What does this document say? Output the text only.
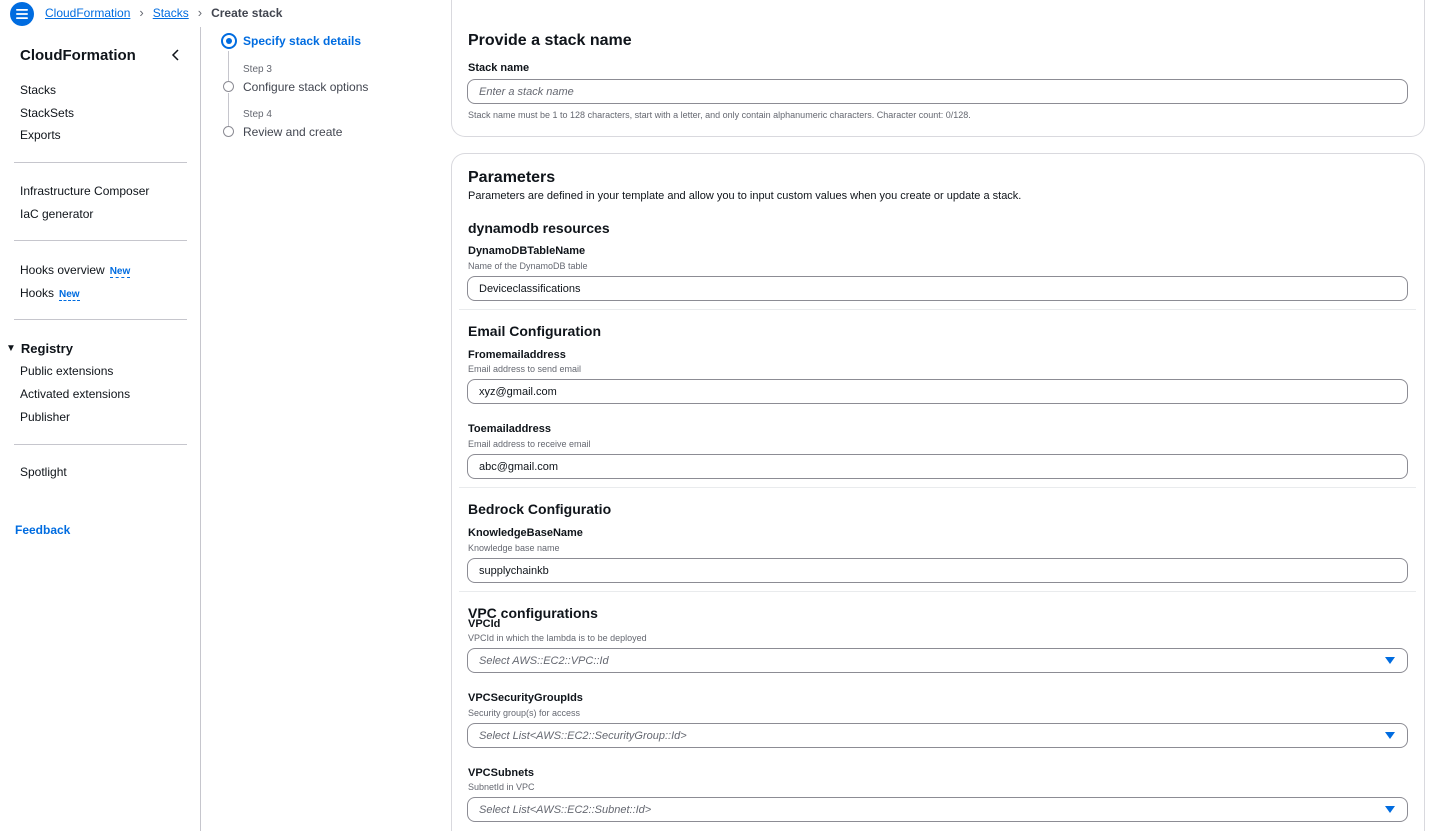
CloudFormation › Stacks › Create stack
CloudFormation
Stacks
StackSets
Exports
Infrastructure Composer
IaC generator
Hooks overview New
Hooks New
▼ Registry
Public extensions
Activated extensions
Publisher
Spotlight
Feedback
Specify stack details
Step 3
Configure stack options
Step 4
Review and create
Provide a stack name
Stack name
Enter a stack name
Stack name must be 1 to 128 characters, start with a letter, and only contain alphanumeric characters. Character count: 0/128.
Parameters
Parameters are defined in your template and allow you to input custom values when you create or update a stack.
dynamodb resources
DynamoDBTableName
Name of the DynamoDB table
Deviceclassifications
Email Configuration
Fromemailaddress
Email address to send email
xyz@gmail.com
Toemailaddress
Email address to receive email
abc@gmail.com
Bedrock Configuratio
KnowledgeBaseName
Knowledge base name
supplychainkb
VPC configurations
VPCId
VPCId in which the lambda is to be deployed
Select AWS::EC2::VPC::Id
VPCSecurityGroupIds
Security group(s) for access
Select List<AWS::EC2::SecurityGroup::Id>
VPCSubnets
SubnetId in VPC
Select List<AWS::EC2::Subnet::Id>
